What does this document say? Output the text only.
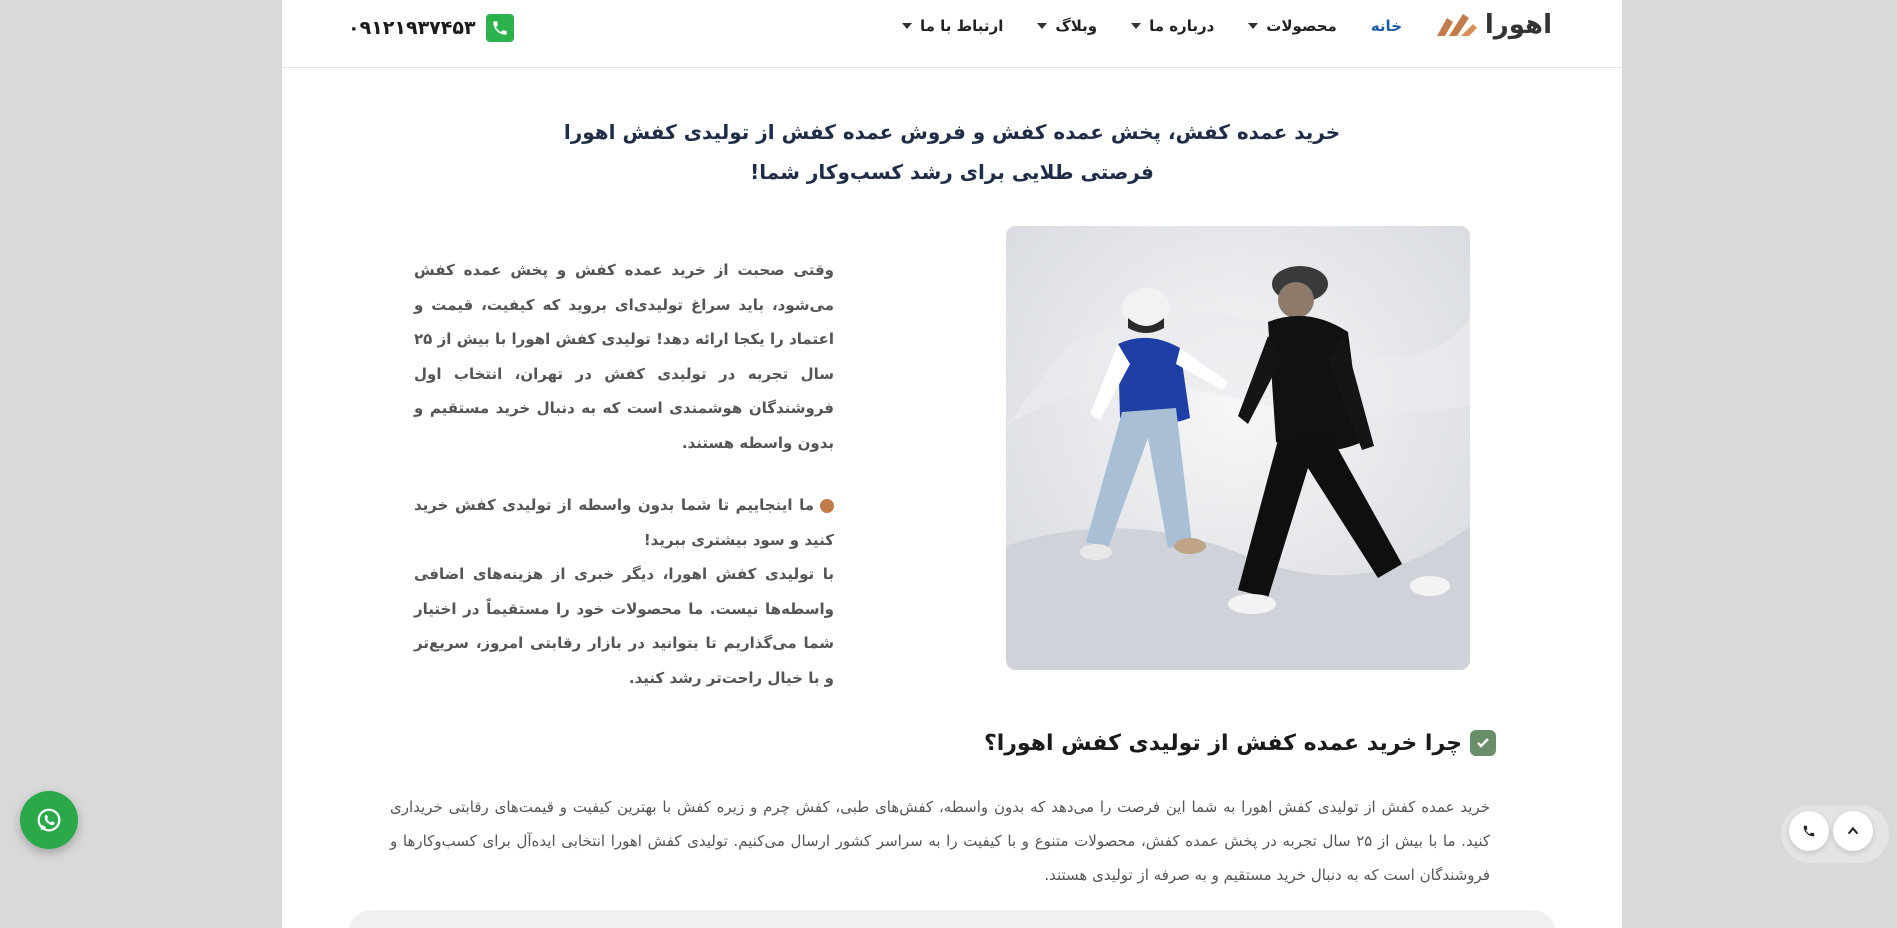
اهورا
خانه
محصولات
درباره ما
وبلاگ
ارتباط با ما
۰۹۱۲۱۹۳۷۴۵۳
خرید عمده کفش، پخش عمده کفش و فروش عمده کفش از تولیدی کفش اهورا
فرصتی طلایی برای رشد کسب‌وکار شما!

وقتی صحبت از خرید عمده کفش و پخش عمده کفش می‌شود، باید سراغ تولیدی‌ای بروید که کیفیت، قیمت و اعتماد را یکجا ارائه دهد! تولیدی کفش اهورا با بیش از ۲۵ سال تجربه در تولیدی کفش در تهران، انتخاب اول فروشندگان هوشمندی است که به دنبال خرید مستقیم و بدون واسطه هستند.

ما اینجاییم تا شما بدون واسطه از تولیدی کفش خرید کنید و سود بیشتری ببرید!

با تولیدی کفش اهورا، دیگر خبری از هزینه‌های اضافی واسطه‌ها نیست. ما محصولات خود را مستقیماً در اختیار شما می‌گذاریم تا بتوانید در بازار رقابتی امروز، سریع‌تر و با خیال راحت‌تر رشد کنید.

چرا خرید عمده کفش از تولیدی کفش اهورا؟
خرید عمده کفش از تولیدی کفش اهورا به شما این فرصت را می‌دهد که بدون واسطه، کفش‌های طبی، کفش چرم و زیره کفش با بهترین کیفیت و قیمت‌های رقابتی خریداری کنید. ما با بیش از ۲۵ سال تجربه در پخش عمده کفش، محصولات متنوع و با کیفیت را به سراسر کشور ارسال می‌کنیم. تولیدی کفش اهورا انتخابی ایده‌آل برای کسب‌وکارها و فروشندگان است که به دنبال خرید مستقیم و به صرفه از تولیدی هستند.
